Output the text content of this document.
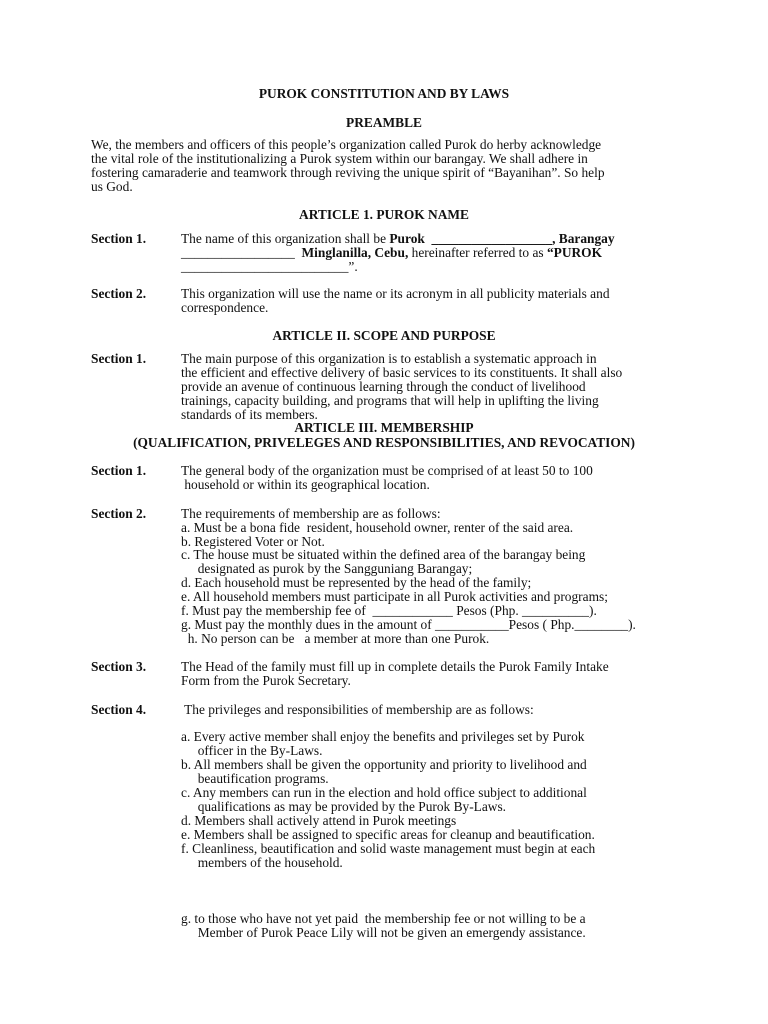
PUROK CONSTITUTION AND BY LAWS
PREAMBLE
We, the members and officers of this people’s organization called Purok do herby acknowledge
the vital role of the institutionalizing a Purok system within our barangay. We shall adhere in
fostering camaraderie and teamwork through reviving the unique spirit of “Bayanihan”. So help
us God.
ARTICLE 1. PUROK NAME
Section 1.	The name of this organization shall be Purok  __________________, Barangay
_________________  Minglanilla, Cebu, hereinafter referred to as “PUROK
_________________________”.
Section 2.	This organization will use the name or its acronym in all publicity materials and
correspondence.
ARTICLE II. SCOPE AND PURPOSE
Section 1.	The main purpose of this organization is to establish a systematic approach in
the efficient and effective delivery of basic services to its constituents. It shall also
provide an avenue of continuous learning through the conduct of livelihood
trainings, capacity building, and programs that will help in uplifting the living
standards of its members.
ARTICLE III. MEMBERSHIP
(QUALIFICATION, PRIVELEGES AND RESPONSIBILITIES, AND REVOCATION)
Section 1.	The general body of the organization must be comprised of at least 50 to 100
household or within its geographical location.
Section 2.	The requirements of membership are as follows:
a. Must be a bona fide  resident, household owner, renter of the said area.
b. Registered Voter or Not.
c. The house must be situated within the defined area of the barangay being
designated as purok by the Sangguniang Barangay;
d. Each household must be represented by the head of the family;
e. All household members must participate in all Purok activities and programs;
f. Must pay the membership fee of  ____________ Pesos (Php. __________).
g. Must pay the monthly dues in the amount of ___________Pesos ( Php.________).
h. No person can be   a member at more than one Purok.
Section 3.	The Head of the family must fill up in complete details the Purok Family Intake
Form from the Purok Secretary.
Section 4.	The privileges and responsibilities of membership are as follows:
a. Every active member shall enjoy the benefits and privileges set by Purok
officer in the By-Laws.
b. All members shall be given the opportunity and priority to livelihood and
beautification programs.
c. Any members can run in the election and hold office subject to additional
qualifications as may be provided by the Purok By-Laws.
d. Members shall actively attend in Purok meetings
e. Members shall be assigned to specific areas for cleanup and beautification.
f. Cleanliness, beautification and solid waste management must begin at each
members of the household.
g. to those who have not yet paid  the membership fee or not willing to be a
Member of Purok Peace Lily will not be given an emergendy assistance.
